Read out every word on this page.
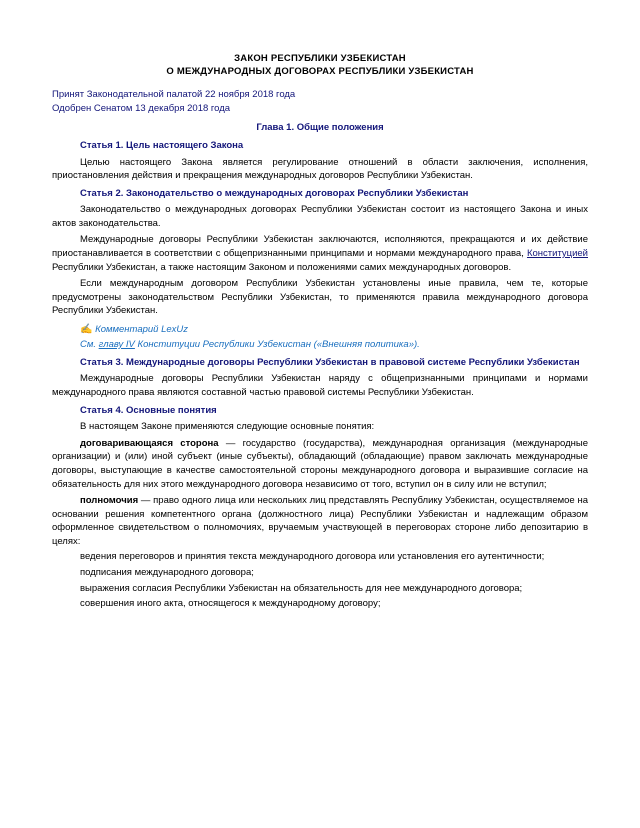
ЗАКОН РЕСПУБЛИКИ УЗБЕКИСТАН
О МЕЖДУНАРОДНЫХ ДОГОВОРАХ РЕСПУБЛИКИ УЗБЕКИСТАН
Принят Законодательной палатой 22 ноября 2018 года
Одобрен Сенатом 13 декабря 2018 года
Глава 1. Общие положения
Статья 1. Цель настоящего Закона

Целью настоящего Закона является регулирование отношений в области заключения, исполнения, приостановления действия и прекращения международных договоров Республики Узбекистан.

Статья 2. Законодательство о международных договорах Республики Узбекистан

Законодательство о международных договорах Республики Узбекистан состоит из настоящего Закона и иных актов законодательства.

Международные договоры Республики Узбекистан заключаются, исполняются, прекращаются и их действие приостанавливается в соответствии с общепризнанными принципами и нормами международного права, Конституцией Республики Узбекистан, а также настоящим Законом и положениями самих международных договоров.

Если международным договором Республики Узбекистан установлены иные правила, чем те, которые предусмотрены законодательством Республики Узбекистан, то применяются правила международного договора Республики Узбекистан.

✍ Комментарий LexUz
См. главу IV Конституции Республики Узбекистан («Внешняя политика»).
Статья 3. Международные договоры Республики Узбекистан в правовой системе Республики Узбекистан

Международные договоры Республики Узбекистан наряду с общепризнанными принципами и нормами международного права являются составной частью правовой системы Республики Узбекистан.

Статья 4. Основные понятия

В настоящем Законе применяются следующие основные понятия:

договаривающаяся сторона — государство (государства), международная организация (международные организации) и (или) иной субъект (иные субъекты), обладающий (обладающие) правом заключать международные договоры, выступающие в качестве самостоятельной стороны международного договора и выразившие согласие на обязательность для них этого международного договора независимо от того, вступил он в силу или не вступил;

полномочия — право одного лица или нескольких лиц представлять Республику Узбекистан, осуществляемое на основании решения компетентного органа (должностного лица) Республики Узбекистан и надлежащим образом оформленное свидетельством о полномочиях, вручаемым участвующей в переговорах стороне либо депозитарию в целях:

ведения переговоров и принятия текста международного договора или установления его аутентичности;

подписания международного договора;

выражения согласия Республики Узбекистан на обязательность для нее международного договора;

совершения иного акта, относящегося к международному договору;
